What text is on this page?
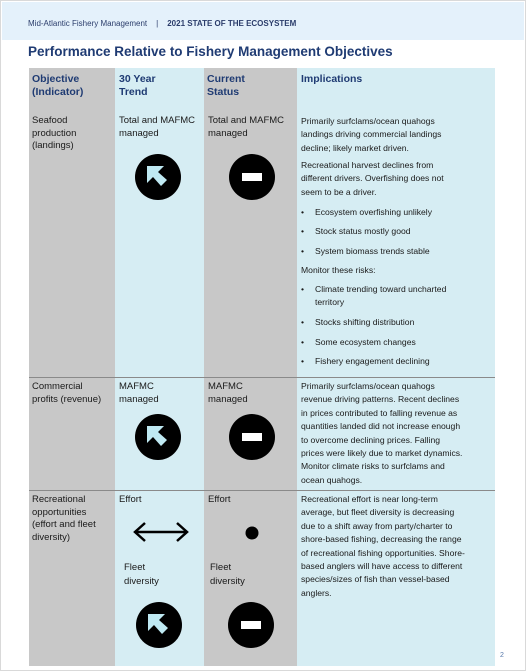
Mid-Atlantic Fishery Management | 2021 STATE OF THE ECOSYSTEM
Performance Relative to Fishery Management Objectives
Objective
(Indicator)
30 Year
Trend
Current
Status
Implications
Seafood
production
(landings)
Total and MAFMC
managed
Total and MAFMC
managed
Primarily surfclams/ocean quahogs
landings driving commercial landings
decline; likely market driven.
Recreational harvest declines from
different drivers. Overfishing does not
seem to be a driver.
• Ecosystem overfishing unlikely
• Stock status mostly good
• System biomass trends stable
Monitor these risks:
• Climate trending toward uncharted
territory
• Stocks shifting distribution
• Some ecosystem changes
• Fishery engagement declining
Commercial
profits (revenue)
MAFMC
managed
MAFMC
managed
Primarily surfclams/ocean quahogs
revenue driving patterns. Recent declines
in prices contributed to falling revenue as
quantities landed did not increase enough
to overcome declining prices. Falling
prices were likely due to market dynamics.
Monitor climate risks to surfclams and
ocean quahogs.
Recreational
opportunities
(effort and fleet
diversity)
Effort	Effort
Fleet
diversity
Fleet
diversity
Recreational effort is near long-term
average, but fleet diversity is decreasing
due to a shift away from party/charter to
shore-based fishing, decreasing the range
of recreational fishing opportunities. Shore-
based anglers will have access to different
species/sizes of fish than vessel-based
anglers.
2
